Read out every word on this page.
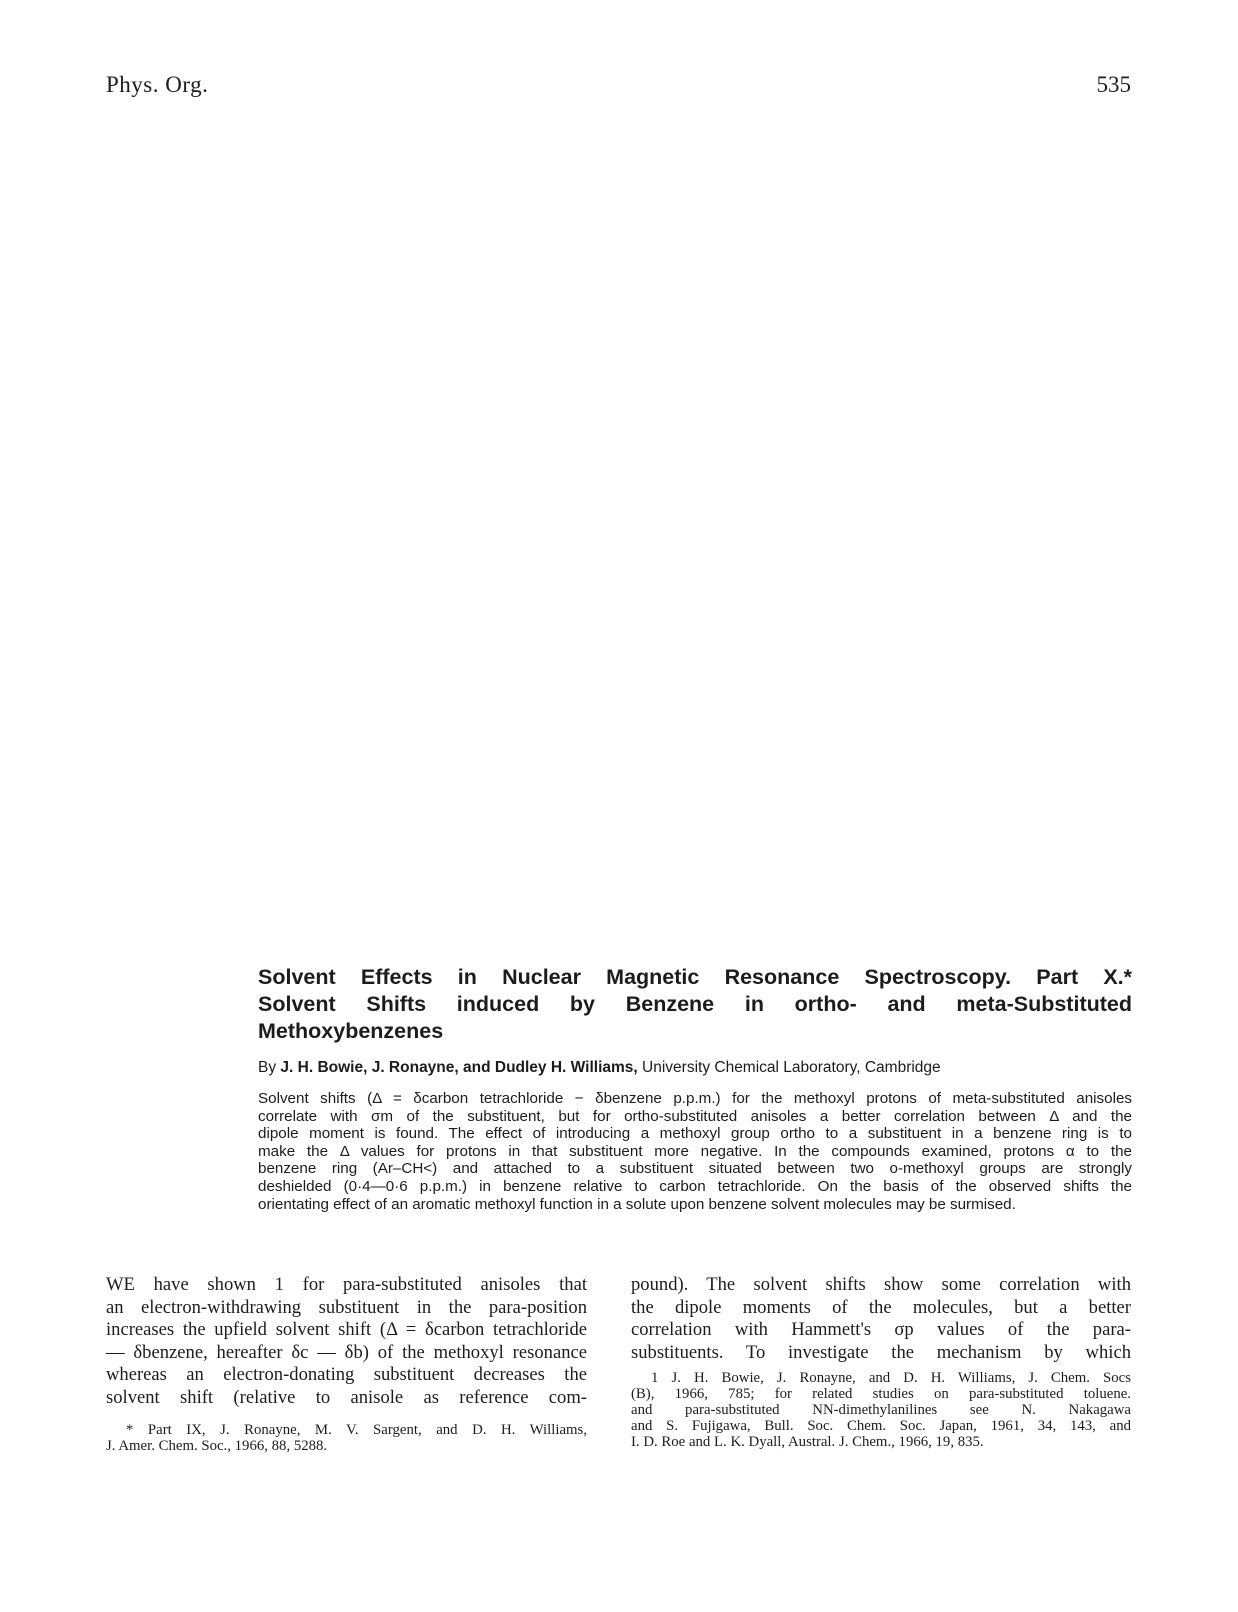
Phys. Org.	535
Solvent Effects in Nuclear Magnetic Resonance Spectroscopy. Part X.*
Solvent Shifts induced by Benzene in ortho- and meta-Substituted
Methoxybenzenes
By J. H. Bowie, J. Ronayne, and Dudley H. Williams, University Chemical Laboratory, Cambridge
Solvent shifts (Δ = δcarbon tetrachloride − δbenzene p.p.m.) for the methoxyl protons of meta-substituted anisoles
correlate with σm of the substituent, but for ortho-substituted anisoles a better correlation between Δ and the
dipole moment is found. The effect of introducing a methoxyl group ortho to a substituent in a benzene ring is to
make the Δ values for protons in that substituent more negative. In the compounds examined, protons α to the
benzene ring (Ar–CH<) and attached to a substituent situated between two o-methoxyl groups are strongly
deshielded (0·4—0·6 p.p.m.) in benzene relative to carbon tetrachloride. On the basis of the observed shifts the
orientating effect of an aromatic methoxyl function in a solute upon benzene solvent molecules may be surmised.
WE have shown 1 for para-substituted anisoles that
an electron-withdrawing substituent in the para-position
increases the upfield solvent shift (Δ = δcarbon tetrachloride
— δbenzene, hereafter δc — δb) of the methoxyl resonance
whereas an electron-donating substituent decreases the
solvent shift (relative to anisole as reference com-
* Part IX, J. Ronayne, M. V. Sargent, and D. H. Williams,
J. Amer. Chem. Soc., 1966, 88, 5288.
pound). The solvent shifts show some correlation with
the dipole moments of the molecules, but a better
correlation with Hammett's σp values of the para-
substituents. To investigate the mechanism by which
1 J. H. Bowie, J. Ronayne, and D. H. Williams, J. Chem. Socs
(B), 1966, 785; for related studies on para-substituted toluene.
and para-substituted NN-dimethylanilines see N. Nakagawa
and S. Fujigawa, Bull. Soc. Chem. Soc. Japan, 1961, 34, 143, and
I. D. Roe and L. K. Dyall, Austral. J. Chem., 1966, 19, 835.
